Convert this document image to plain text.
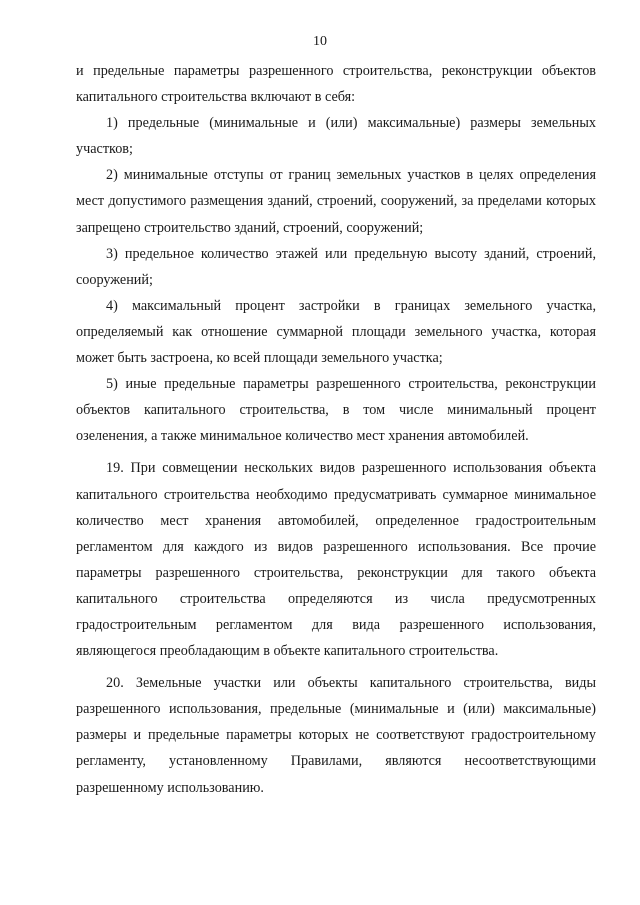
10

и предельные параметры разрешенного строительства, реконструкции объектов капитального строительства включают в себя:

1) предельные (минимальные и (или) максимальные) размеры земельных участков;

2) минимальные отступы от границ земельных участков в целях определения мест допустимого размещения зданий, строений, сооружений, за пределами которых запрещено строительство зданий, строений, сооружений;

3) предельное количество этажей или предельную высоту зданий, строений, сооружений;

4) максимальный процент застройки в границах земельного участка, определяемый как отношение суммарной площади земельного участка, которая может быть застроена, ко всей площади земельного участка;

5) иные предельные параметры разрешенного строительства, реконструкции объектов капитального строительства, в том числе минимальный процент озеленения, а также минимальное количество мест хранения автомобилей.

19. При совмещении нескольких видов разрешенного использования объекта капитального строительства необходимо предусматривать суммарное минимальное количество мест хранения автомобилей, определенное градостроительным регламентом для каждого из видов разрешенного использования. Все прочие параметры разрешенного строительства, реконструкции для такого объекта капитального строительства определяются из числа предусмотренных градостроительным регламентом для вида разрешенного использования, являющегося преобладающим в объекте капитального строительства.

20. Земельные участки или объекты капитального строительства, виды разрешенного использования, предельные (минимальные и (или) максимальные) размеры и предельные параметры которых не соответствуют градостроительному регламенту, установленному Правилами, являются несоответствующими разрешенному использованию.
